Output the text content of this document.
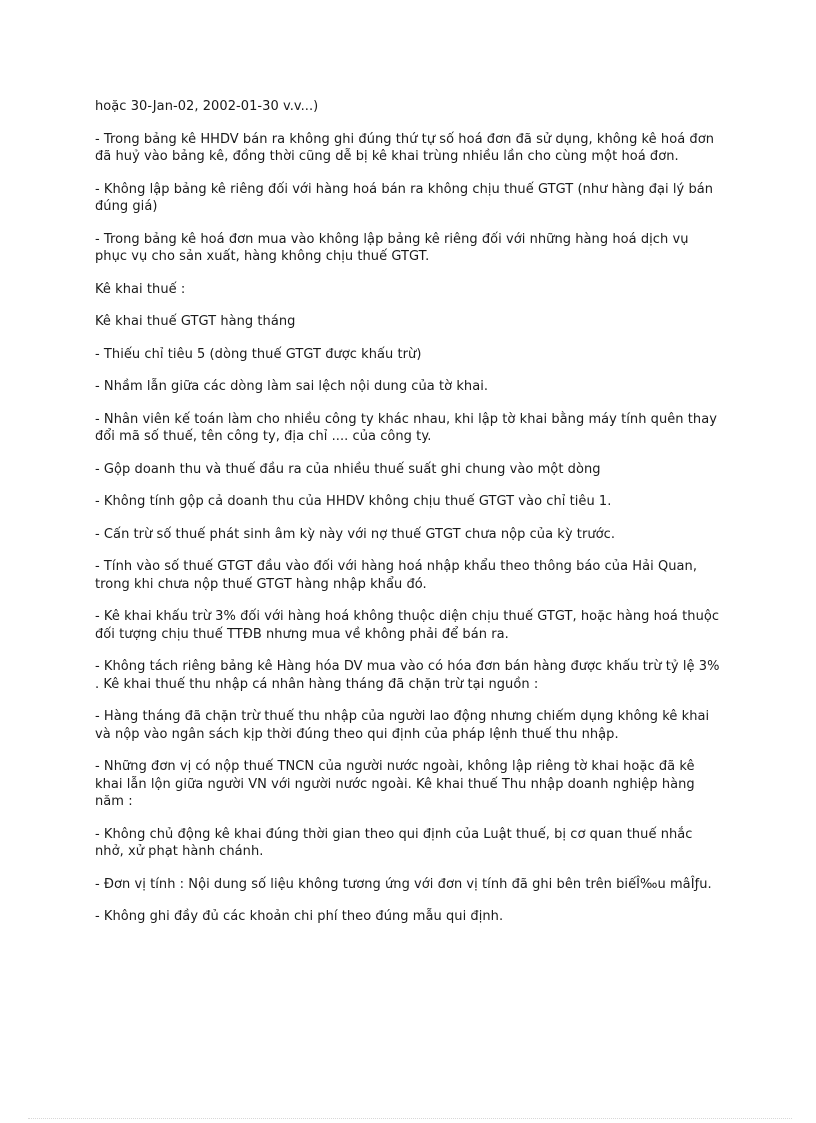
hoặc 30-Jan-02, 2002-01-30 v.v...)

- Trong bảng kê HHDV bán ra không ghi đúng thứ tự số hoá đơn đã sử dụng, không kê hoá đơn đã huỷ vào bảng kê, đồng thời cũng dễ bị kê khai trùng nhiều lần cho cùng một hoá đơn.

- Không lập bảng kê riêng đối với hàng hoá bán ra không chịu thuế GTGT (như hàng đại lý bán đúng giá)

- Trong bảng kê hoá đơn mua vào không lập bảng kê riêng đối với những hàng hoá dịch vụ phục vụ cho sản xuất, hàng không chịu thuế GTGT.

Kê khai thuế :

Kê khai thuế GTGT hàng tháng

- Thiếu chỉ tiêu 5 (dòng thuế GTGT được khấu trừ)

- Nhầm lẫn giữa các dòng làm sai lệch nội dung của tờ khai.

- Nhân viên kế toán làm cho nhiều công ty khác nhau, khi lập tờ khai bằng máy tính quên thay đổi mã số thuế, tên công ty, địa chỉ .... của công ty.

- Gộp doanh thu và thuế đầu ra của nhiều thuế suất ghi chung vào một dòng

- Không tính gộp cả doanh thu của HHDV không chịu thuế GTGT vào chỉ tiêu 1.

- Cấn trừ số thuế phát sinh âm kỳ này với nợ thuế GTGT chưa nộp của kỳ trước.

- Tính vào số thuế GTGT đầu vào đối với hàng hoá nhập khẩu theo thông báo của Hải Quan, trong khi chưa nộp thuế GTGT hàng nhập khẩu đó.

- Kê khai khấu trừ 3% đối với hàng hoá không thuộc diện chịu thuế GTGT, hoặc hàng hoá thuộc đối tượng chịu thuế TTĐB nhưng mua về không phải để bán ra.

- Không tách riêng bảng kê Hàng hóa DV mua vào có hóa đơn bán hàng được khấu trừ tỷ lệ 3% . Kê khai thuế thu nhập cá nhân hàng tháng đã chặn trừ tại nguồn :

- Hàng tháng đã chặn trừ thuế thu nhập của người lao động nhưng chiếm dụng không kê khai và nộp vào ngân sách kịp thời đúng theo qui định của pháp lệnh thuế thu nhập.

- Những đơn vị có nộp thuế TNCN của người nước ngoài, không lập riêng tờ khai hoặc đã kê khai lẫn lộn giữa người VN với người nước ngoài. Kê khai thuế Thu nhập doanh nghiệp hàng năm :

- Không chủ động kê khai đúng thời gian theo qui định của Luật thuế, bị cơ quan thuế nhắc nhở, xử phạt hành chánh.

- Đơn vị tính : Nội dung số liệu không tương ứng với đơn vị tính đã ghi bên trên biếÎ‰u mâÎƒu.

- Không ghi đầy đủ các khoản chi phí theo đúng mẫu qui định.
